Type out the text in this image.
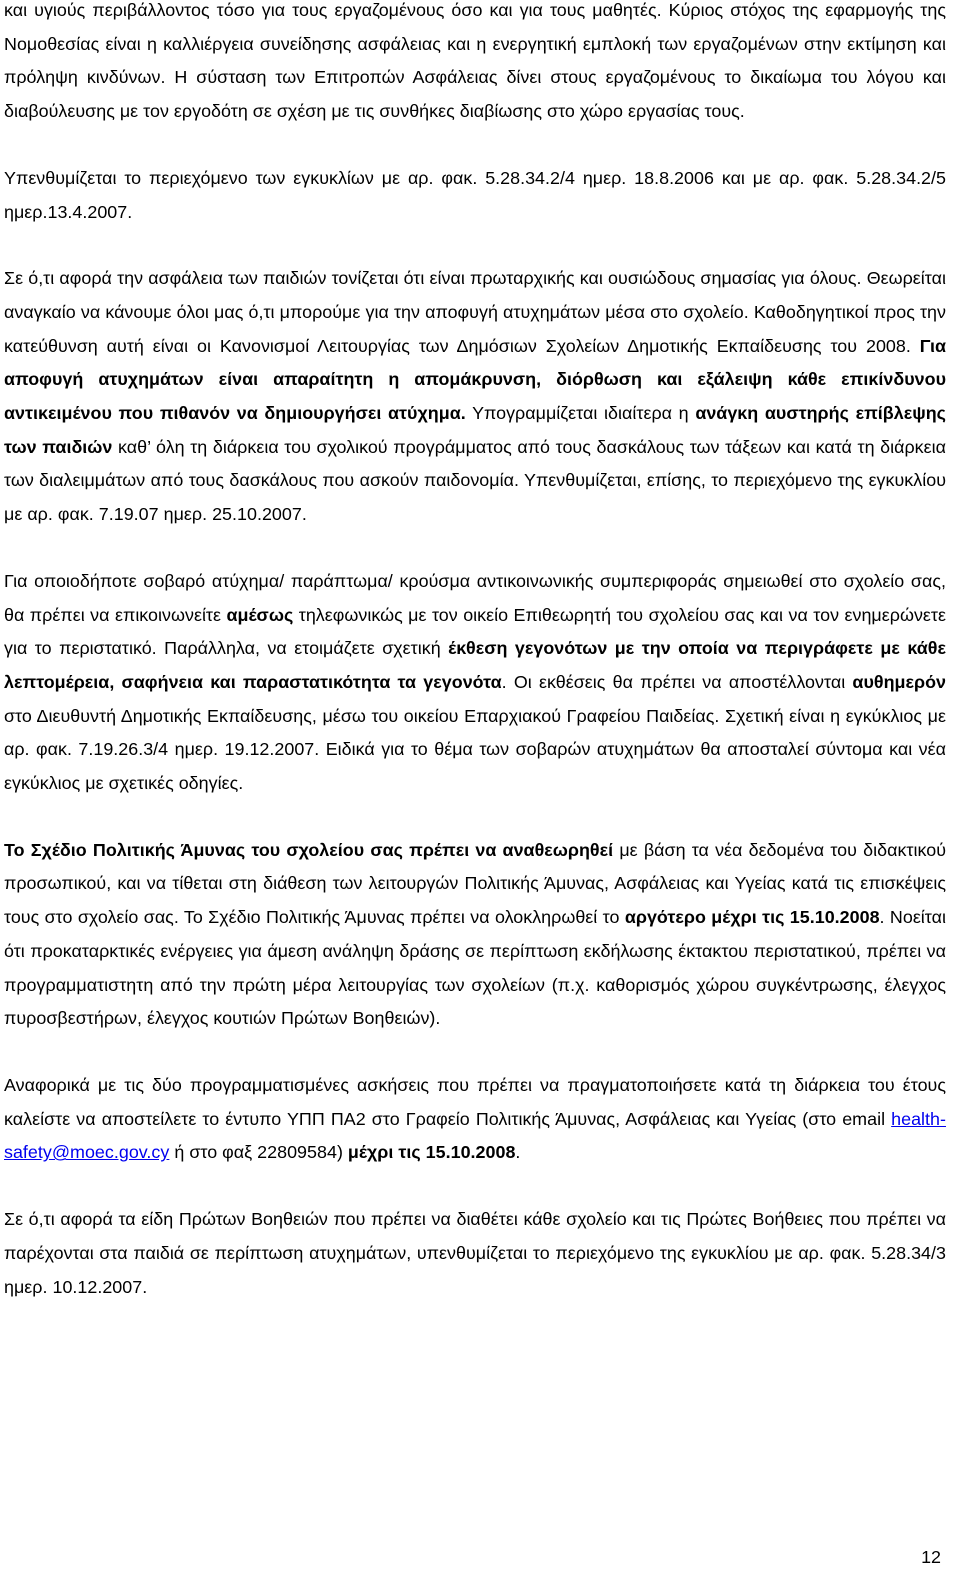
και υγιούς περιβάλλοντος τόσο για τους εργαζομένους όσο και για τους μαθητές. Κύριος στόχος της εφαρμογής της Νομοθεσίας είναι η καλλιέργεια συνείδησης ασφάλειας και η ενεργητική εμπλοκή των εργαζομένων στην εκτίμηση και πρόληψη κινδύνων. Η σύσταση των Επιτροπών Ασφάλειας δίνει στους εργαζομένους το δικαίωμα του λόγου και διαβούλευσης με τον εργοδότη σε σχέση με τις συνθήκες διαβίωσης στο χώρο εργασίας τους.

Υπενθυμίζεται το περιεχόμενο των εγκυκλίων με αρ. φακ. 5.28.34.2/4 ημερ. 18.8.2006 και με αρ. φακ. 5.28.34.2/5 ημερ.13.4.2007.

Σε ό,τι αφορά την ασφάλεια των παιδιών τονίζεται ότι είναι πρωταρχικής και ουσιώδους σημασίας για όλους. Θεωρείται αναγκαίο να κάνουμε όλοι μας ό,τι μπορούμε για την αποφυγή ατυχημάτων μέσα στο σχολείο. Καθοδηγητικοί προς την κατεύθυνση αυτή είναι οι Κανονισμοί Λειτουργίας των Δημόσιων Σχολείων Δημοτικής Εκπαίδευσης του 2008. Για αποφυγή ατυχημάτων είναι απαραίτητη η απομάκρυνση, διόρθωση και εξάλειψη κάθε επικίνδυνου αντικειμένου που πιθανόν να δημιουργήσει ατύχημα. Υπογραμμίζεται ιδιαίτερα η ανάγκη αυστηρής επίβλεψης των παιδιών καθ’ όλη τη διάρκεια του σχολικού προγράμματος από τους δασκάλους των τάξεων και κατά τη διάρκεια των διαλειμμάτων από τους δασκάλους που ασκούν παιδονομία. Υπενθυμίζεται, επίσης, το περιεχόμενο της εγκυκλίου με αρ. φακ. 7.19.07 ημερ. 25.10.2007.

Για οποιοδήποτε σοβαρό ατύχημα/ παράπτωμα/ κρούσμα αντικοινωνικής συμπεριφοράς σημειωθεί στο σχολείο σας, θα πρέπει να επικοινωνείτε αμέσως τηλεφωνικώς με τον οικείο Επιθεωρητή του σχολείου σας και να τον ενημερώνετε για το περιστατικό. Παράλληλα, να ετοιμάζετε σχετική έκθεση γεγονότων με την οποία να περιγράφετε με κάθε λεπτομέρεια, σαφήνεια και παραστατικότητα τα γεγονότα. Οι εκθέσεις θα πρέπει να αποστέλλονται αυθημερόν στο Διευθυντή Δημοτικής Εκπαίδευσης, μέσω του οικείου Επαρχιακού Γραφείου Παιδείας. Σχετική είναι η εγκύκλιος με αρ. φακ. 7.19.26.3/4 ημερ. 19.12.2007. Ειδικά για το θέμα των σοβαρών ατυχημάτων θα αποσταλεί σύντομα και νέα εγκύκλιος με σχετικές οδηγίες.

Το Σχέδιο Πολιτικής Άμυνας του σχολείου σας πρέπει να αναθεωρηθεί με βάση τα νέα δεδομένα του διδακτικού προσωπικού, και να τίθεται στη διάθεση των λειτουργών Πολιτικής Άμυνας, Ασφάλειας και Υγείας κατά τις επισκέψεις τους στο σχολείο σας. Το Σχέδιο Πολιτικής Άμυνας πρέπει να ολοκληρωθεί το αργότερο μέχρι τις 15.10.2008. Νοείται ότι προκαταρκτικές ενέργειες για άμεση ανάληψη δράσης σε περίπτωση εκδήλωσης έκτακτου περιστατικού, πρέπει να προγραμματιστητη από την πρώτη μέρα λειτουργίας των σχολείων (π.χ. καθορισμός χώρου συγκέντρωσης, έλεγχος πυροσβεστήρων, έλεγχος κουτιών Πρώτων Βοηθειών).

Αναφορικά με τις δύο προγραμματισμένες ασκήσεις που πρέπει να πραγματοποιήσετε κατά τη διάρκεια του έτους καλείστε να αποστείλετε το έντυπο ΥΠΠ ΠΑ2 στο Γραφείο Πολιτικής Άμυνας, Ασφάλειας και Υγείας (στο email health-safety@moec.gov.cy ή στο φαξ 22809584) μέχρι τις 15.10.2008.

Σε ό,τι αφορά τα είδη Πρώτων Βοηθειών που πρέπει να διαθέτει κάθε σχολείο και τις Πρώτες Βοήθειες που πρέπει να παρέχονται στα παιδιά σε περίπτωση ατυχημάτων, υπενθυμίζεται το περιεχόμενο της εγκυκλίου με αρ. φακ. 5.28.34/3 ημερ. 10.12.2007.

12
